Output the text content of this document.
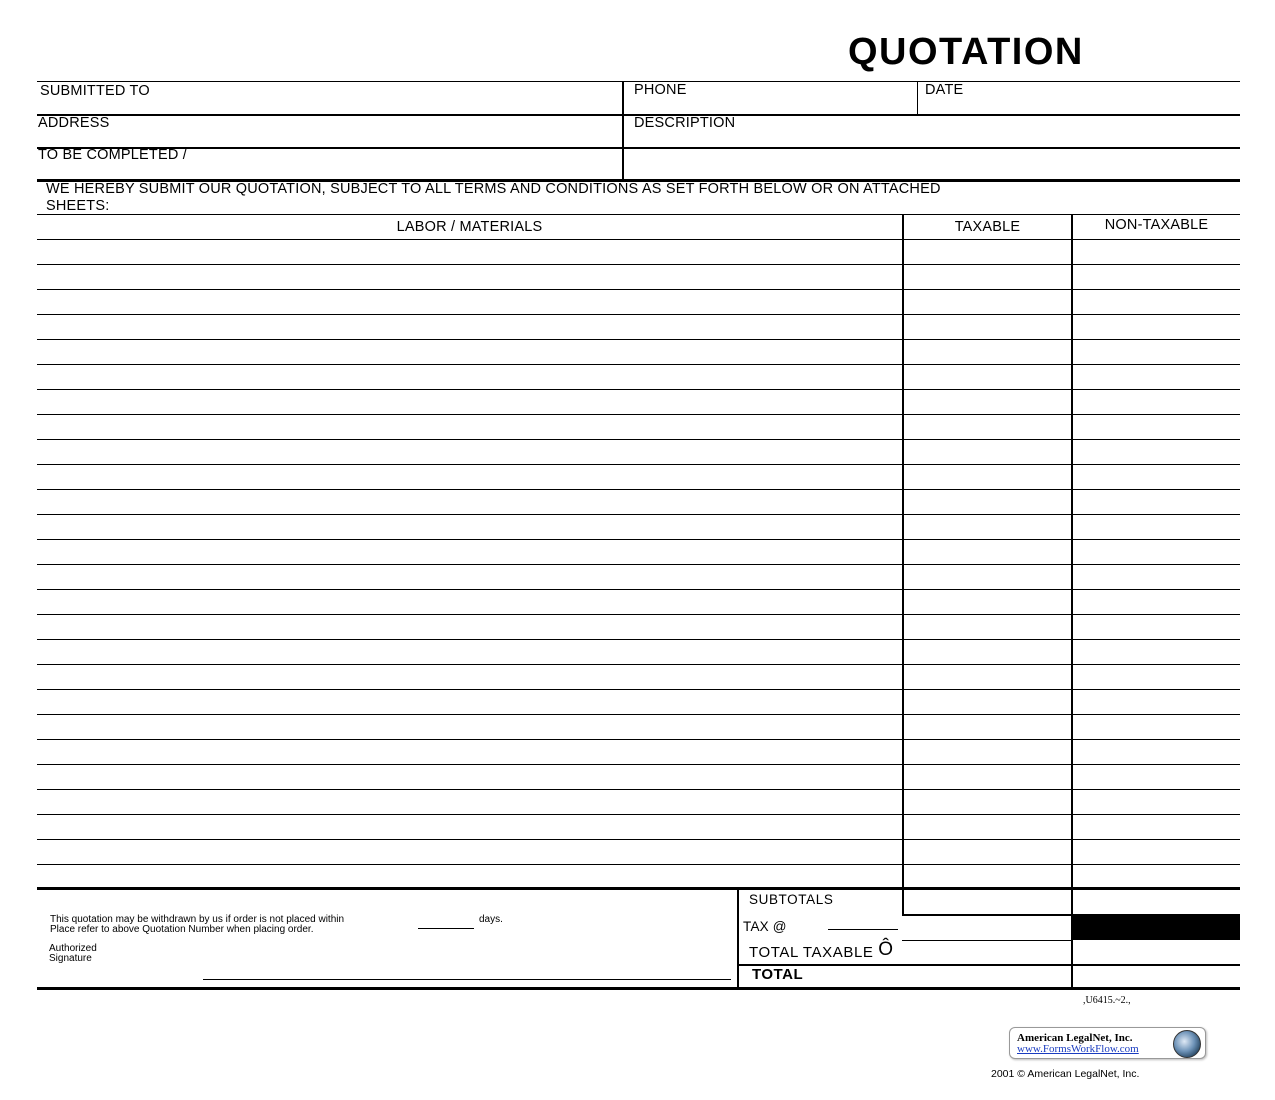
QUOTATION
SUBMITTED TO	PHONE	DATE
ADDRESS	DESCRIPTION
TO BE COMPLETED /
WE HEREBY SUBMIT OUR QUOTATION, SUBJECT TO ALL TERMS AND CONDITIONS AS SET FORTH BELOW OR ON ATTACHED
SHEETS:
LABOR / MATERIALS	TAXABLE	NON-TAXABLE
This quotation may be withdrawn by us if order is not placed within	days.
Place refer to above Quotation Number when placing order.
Authorized
Signature
SUBTOTALS
TAX @
TOTAL TAXABLE Ô
TOTAL
,U6415.~2.,
American LegalNet, Inc.
www.FormsWorkFlow.com
2001 © American LegalNet, Inc.
